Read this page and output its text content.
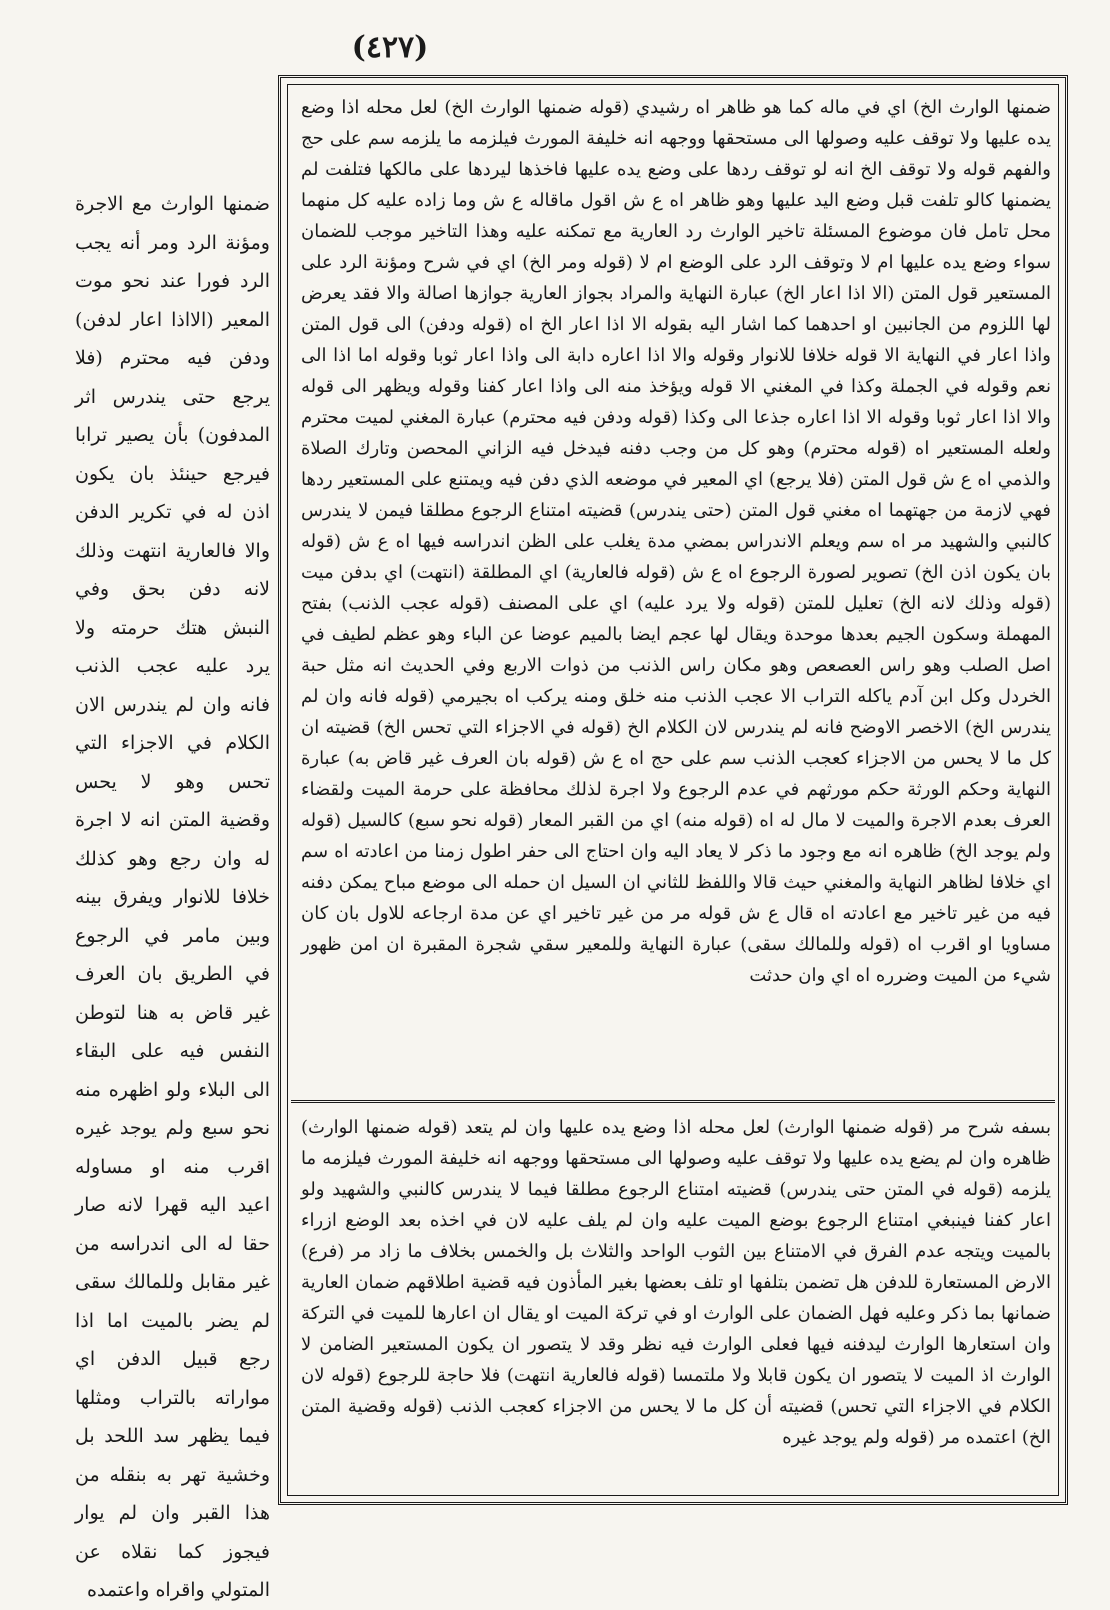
(٤٢٧)
ضمنها الوارث مع الاجرة ومؤنة الرد ومر أنه يجب الرد فورا عند نحو موت المعير (الااذا اعار لدفن) ودفن فيه محترم (فلا يرجع حتى يندرس اثر المدفون) بأن يصير ترابا فيرجع حينئذ بان يكون اذن له في تكرير الدفن والا فالعارية انتهت وذلك لانه دفن بحق وفي النبش هتك حرمته ولا يرد عليه عجب الذنب فانه وان لم يندرس الان الكلام في الاجزاء التي تحس وهو لا يحس وقضية المتن انه لا اجرة له وان رجع وهو كذلك خلافا للانوار ويفرق بينه وبين مامر في الرجوع في الطريق بان العرف غير قاض به هنا لتوطن النفس فيه على البقاء الى البلاء ولو اظهره منه نحو سبع ولم يوجد غيره اقرب منه او مساوله اعيد اليه قهرا لانه صار حقا له الى اندراسه من غير مقابل وللمالك سقى لم يضر بالميت اما اذا رجع قبيل الدفن اي مواراته بالتراب ومثلها فيما يظهر سد اللحد بل وخشية تهر به بنقله من هذا القبر وان لم يوار فيجوز كما نقلاه عن المتولي واقراه واعتمده
ضمنها الوارث الخ) اي في ماله كما هو ظاهر اه رشيدي (قوله ضمنها الوارث الخ) لعل محله اذا وضع يده عليها ولا توقف عليه وصولها الى مستحقها ووجهه انه خليفة المورث فيلزمه ما يلزمه سم على حج والفهم قوله ولا توقف الخ انه لو توقف ردها على وضع يده عليها فاخذها ليردها على مالكها فتلفت لم يضمنها كالو تلفت قبل وضع اليد عليها وهو ظاهر اه ع ش اقول ماقاله ع ش وما زاده عليه كل منهما محل تامل فان موضوع المسئلة تاخير الوارث رد العارية مع تمكنه عليه وهذا التاخير موجب للضمان سواء وضع يده عليها ام لا وتوقف الرد على الوضع ام لا (قوله ومر الخ) اي في شرح ومؤنة الرد على المستعير قول المتن (الا اذا اعار الخ) عبارة النهاية والمراد بجواز العارية جوازها اصالة والا فقد يعرض لها اللزوم من الجانبين او احدهما كما اشار اليه بقوله الا اذا اعار الخ اه (قوله ودفن) الى قول المتن واذا اعار في النهاية الا قوله خلافا للانوار وقوله والا اذا اعاره دابة الى واذا اعار ثوبا وقوله اما اذا الى نعم وقوله في الجملة وكذا في المغني الا قوله ويؤخذ منه الى واذا اعار كفنا وقوله ويظهر الى قوله والا اذا اعار ثوبا وقوله الا اذا اعاره جذعا الى وكذا (قوله ودفن فيه محترم) عبارة المغني لميت محترم ولعله المستعير اه (قوله محترم) وهو كل من وجب دفنه فيدخل فيه الزاني المحصن وتارك الصلاة والذمي اه ع ش قول المتن (فلا يرجع) اي المعير في موضعه الذي دفن فيه ويمتنع على المستعير ردها فهي لازمة من جهتهما اه مغني قول المتن (حتى يندرس) قضيته امتناع الرجوع مطلقا فيمن لا يندرس كالنبي والشهيد مر اه سم ويعلم الاندراس بمضي مدة يغلب على الظن اندراسه فيها اه ع ش (قوله بان يكون اذن الخ) تصوير لصورة الرجوع اه ع ش (قوله فالعارية) اي المطلقة (انتهت) اي بدفن ميت (قوله وذلك لانه الخ) تعليل للمتن (قوله ولا يرد عليه) اي على المصنف (قوله عجب الذنب) بفتح المهملة وسكون الجيم بعدها موحدة ويقال لها عجم ايضا بالميم عوضا عن الباء وهو عظم لطيف في اصل الصلب وهو راس العصعص وهو مكان راس الذنب من ذوات الاربع وفي الحديث انه مثل حبة الخردل وكل ابن آدم ياكله التراب الا عجب الذنب منه خلق ومنه يركب اه بجيرمي (قوله فانه وان لم يندرس الخ) الاخصر الاوضح فانه لم يندرس لان الكلام الخ (قوله في الاجزاء التي تحس الخ) قضيته ان كل ما لا يحس من الاجزاء كعجب الذنب سم على حج اه ع ش (قوله بان العرف غير قاض به) عبارة النهاية وحكم الورثة حكم مورثهم في عدم الرجوع ولا اجرة لذلك محافظة على حرمة الميت ولقضاء العرف بعدم الاجرة والميت لا مال له اه (قوله منه) اي من القبر المعار (قوله نحو سبع) كالسيل (قوله ولم يوجد الخ) ظاهره انه مع وجود ما ذكر لا يعاد اليه وان احتاج الى حفر اطول زمنا من اعادته اه سم اي خلافا لظاهر النهاية والمغني حيث قالا واللفظ للثاني ان السيل ان حمله الى موضع مباح يمكن دفنه فيه من غير تاخير مع اعادته اه قال ع ش قوله مر من غير تاخير اي عن مدة ارجاعه للاول بان كان مساويا او اقرب اه (قوله وللمالك سقى) عبارة النهاية وللمعير سقي شجرة المقبرة ان امن ظهور شيء من الميت وضرره اه اي وان حدثت
بسفه شرح مر (قوله ضمنها الوارث) لعل محله اذا وضع يده عليها وان لم يتعد (قوله ضمنها الوارث) ظاهره وان لم يضع يده عليها ولا توقف عليه وصولها الى مستحقها ووجهه انه خليفة المورث فيلزمه ما يلزمه (قوله في المتن حتى يندرس) قضيته امتناع الرجوع مطلقا فيما لا يندرس كالنبي والشهيد ولو اعار كفنا فينبغي امتناع الرجوع بوضع الميت عليه وان لم يلف عليه لان في اخذه بعد الوضع ازراء بالميت ويتجه عدم الفرق في الامتناع بين الثوب الواحد والثلاث بل والخمس بخلاف ما زاد مر (فرع) الارض المستعارة للدفن هل تضمن بتلفها او تلف بعضها بغير المأذون فيه قضية اطلاقهم ضمان العارية ضمانها بما ذكر وعليه فهل الضمان على الوارث او في تركة الميت او يقال ان اعارها للميت في التركة وان استعارها الوارث ليدفنه فيها فعلى الوارث فيه نظر وقد لا يتصور ان يكون المستعير الضامن لا الوارث اذ الميت لا يتصور ان يكون قابلا ولا ملتمسا (قوله فالعارية انتهت) فلا حاجة للرجوع (قوله لان الكلام في الاجزاء التي تحس) قضيته أن كل ما لا يحس من الاجزاء كعجب الذنب (قوله وقضية المتن الخ) اعتمده مر (قوله ولم يوجد غيره
